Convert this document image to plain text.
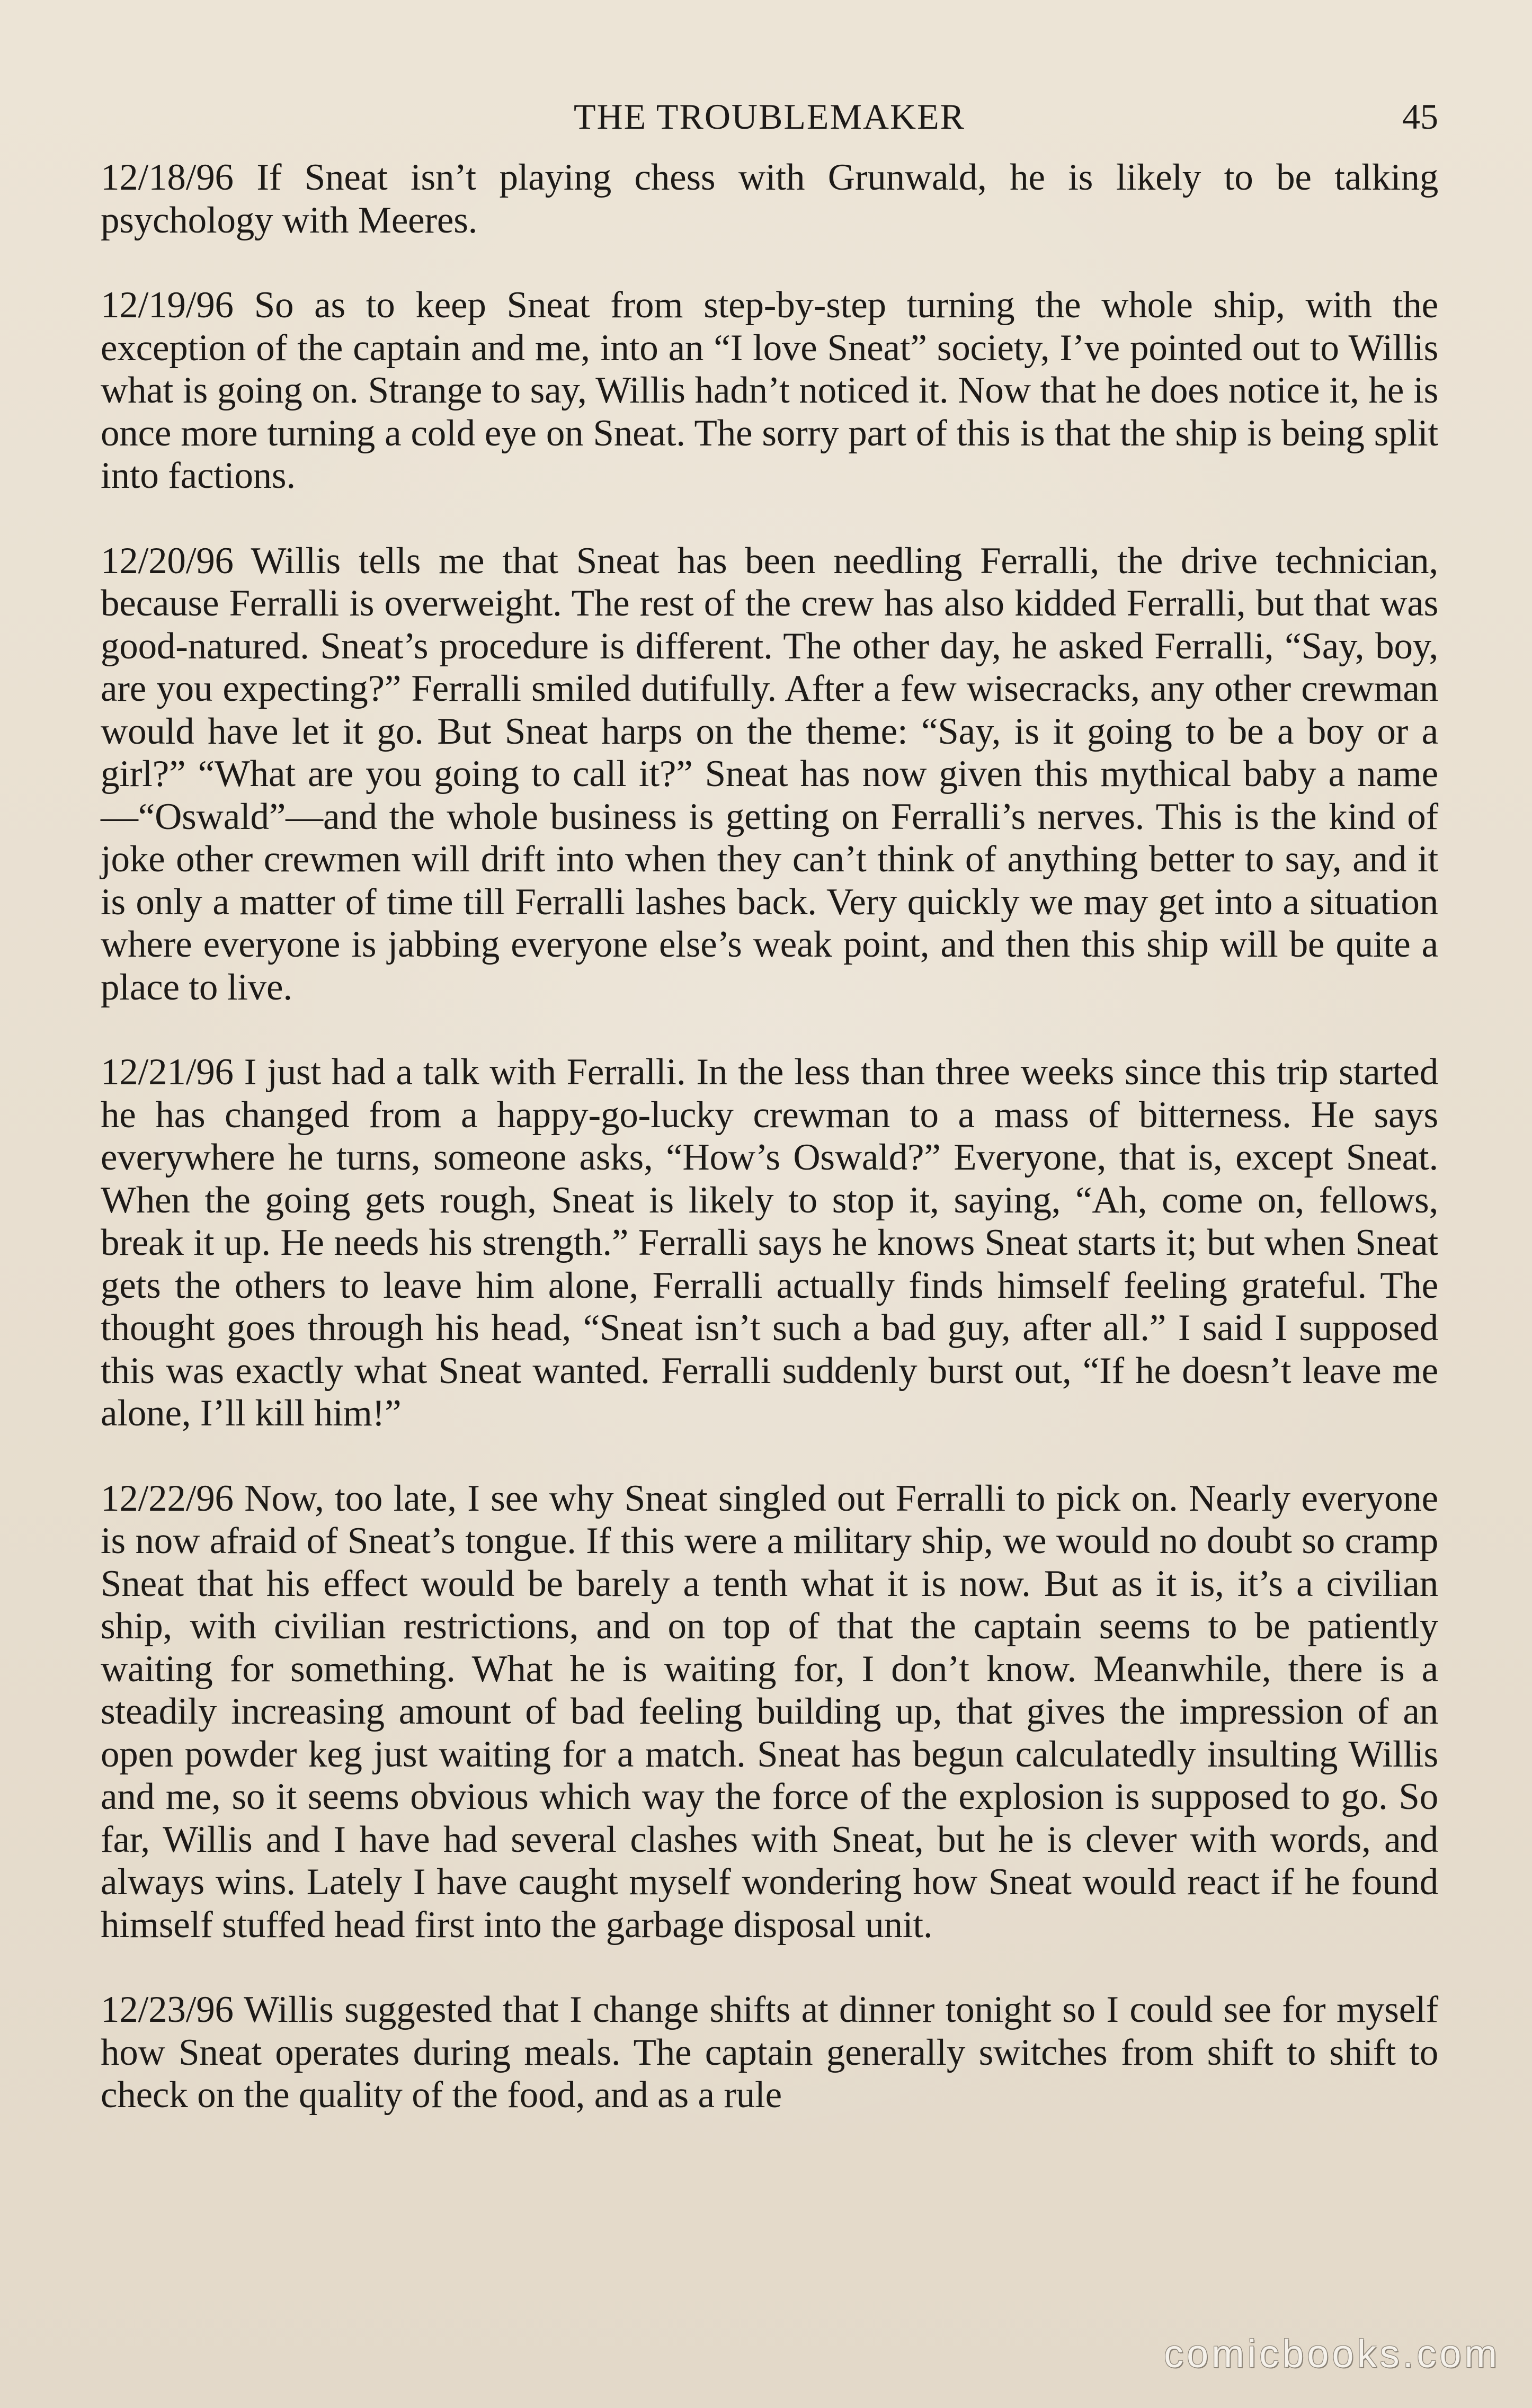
THE TROUBLEMAKER	45

12/18/96 If Sneat isn’t playing chess with Grunwald, he is likely to be talking psychology with Meeres.

12/19/96 So as to keep Sneat from step-by-step turning the whole ship, with the exception of the captain and me, into an “I love Sneat” society, I’ve pointed out to Willis what is going on. Strange to say, Willis hadn’t noticed it. Now that he does notice it, he is once more turning a cold eye on Sneat. The sorry part of this is that the ship is being split into factions.

12/20/96 Willis tells me that Sneat has been needling Ferralli, the drive technician, because Ferralli is overweight. The rest of the crew has also kidded Ferralli, but that was good-natured. Sneat’s procedure is different. The other day, he asked Ferralli, “Say, boy, are you expecting?” Ferralli smiled dutifully. After a few wisecracks, any other crewman would have let it go. But Sneat harps on the theme: “Say, is it going to be a boy or a girl?” “What are you going to call it?” Sneat has now given this mythical baby a name—“Oswald”—and the whole business is getting on Ferralli’s nerves. This is the kind of joke other crewmen will drift into when they can’t think of anything better to say, and it is only a matter of time till Ferralli lashes back. Very quickly we may get into a situation where everyone is jabbing everyone else’s weak point, and then this ship will be quite a place to live.

12/21/96 I just had a talk with Ferralli. In the less than three weeks since this trip started he has changed from a happy-go-lucky crewman to a mass of bitterness. He says everywhere he turns, someone asks, “How’s Oswald?” Everyone, that is, except Sneat. When the going gets rough, Sneat is likely to stop it, saying, “Ah, come on, fellows, break it up. He needs his strength.” Ferralli says he knows Sneat starts it; but when Sneat gets the others to leave him alone, Ferralli actually finds himself feeling grateful. The thought goes through his head, “Sneat isn’t such a bad guy, after all.” I said I supposed this was exactly what Sneat wanted. Ferralli suddenly burst out, “If he doesn’t leave me alone, I’ll kill him!”

12/22/96 Now, too late, I see why Sneat singled out Ferralli to pick on. Nearly everyone is now afraid of Sneat’s tongue. If this were a military ship, we would no doubt so cramp Sneat that his effect would be barely a tenth what it is now. But as it is, it’s a civilian ship, with civilian restrictions, and on top of that the captain seems to be patiently waiting for something. What he is waiting for, I don’t know. Meanwhile, there is a steadily increasing amount of bad feeling building up, that gives the impression of an open powder keg just waiting for a match. Sneat has begun calculatedly insulting Willis and me, so it seems obvious which way the force of the explosion is supposed to go. So far, Willis and I have had several clashes with Sneat, but he is clever with words, and always wins. Lately I have caught myself wondering how Sneat would react if he found himself stuffed head first into the garbage disposal unit.

12/23/96 Willis suggested that I change shifts at dinner tonight so I could see for myself how Sneat operates during meals. The captain generally switches from shift to shift to check on the quality of the food, and as a rule

comicbooks.com
